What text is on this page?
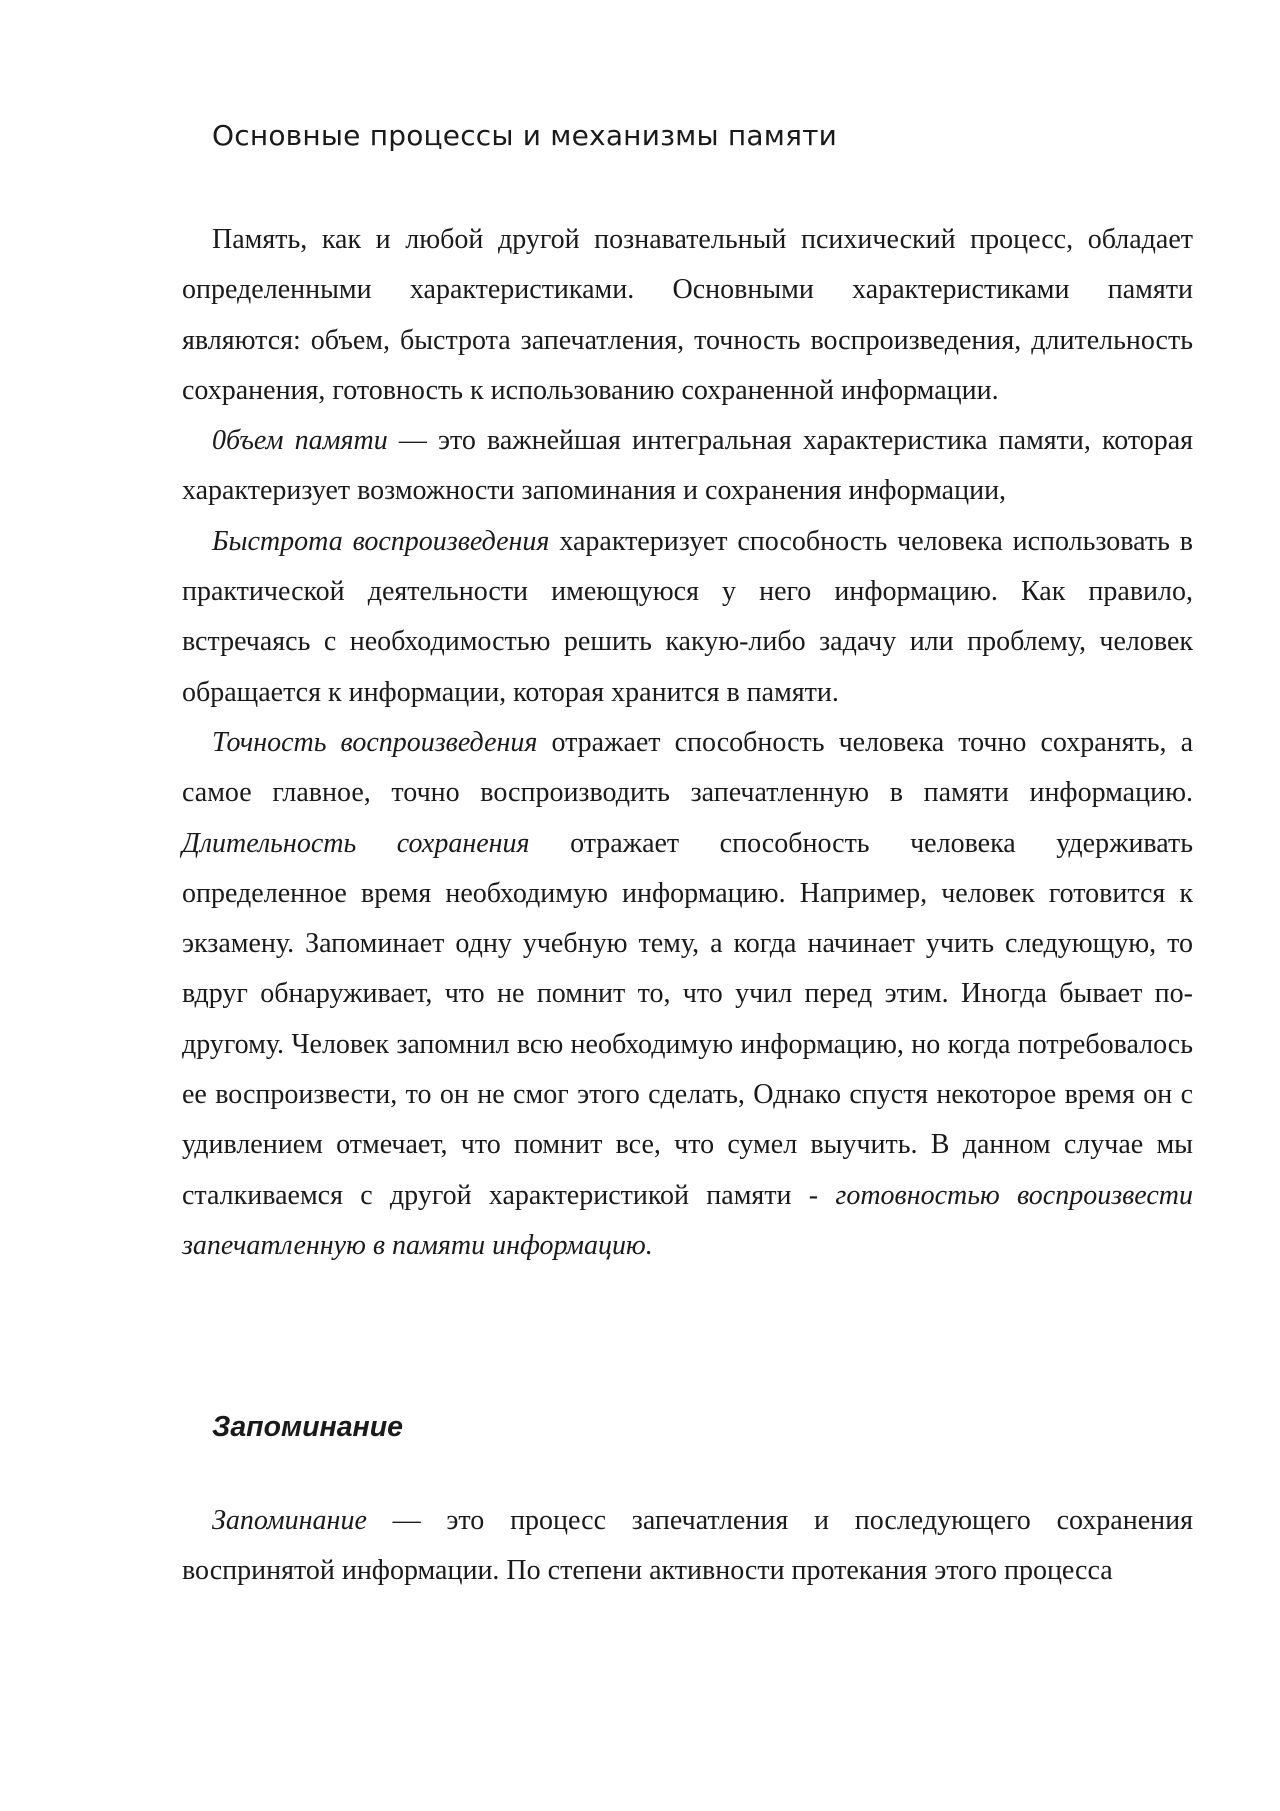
Основные процессы и механизмы памяти

Память, как и любой другой познавательный психический процесс, обладает определенными характеристиками. Основными характеристиками памяти являются: объем, быстрота запечатления, точность воспроизведения, длительность сохранения, готовность к использованию сохраненной информации.

0бъем памяти — это важнейшая интегральная характеристика памяти, которая характеризует возможности запоминания и сохранения информации,

Быстрота воспроизведения характеризует способность человека использовать в практической деятельности имеющуюся у него информацию. Как правило, встречаясь с необходимостью решить какую-либо задачу или проблему, человек обращается к информации, которая хранится в памяти.

Точность воспроизведения отражает способность человека точно сохранять, а самое главное, точно воспроизводить запечатленную в памяти информацию. Длительность сохранения отражает способность человека удерживать определенное время необходимую информацию. Например, человек готовится к экзамену. Запоминает одну учебную тему, а когда начинает учить следующую, то вдруг обнаруживает, что не помнит то, что учил перед этим. Иногда бывает по-другому. Человек запомнил всю необходимую информацию, но когда потребовалось ее воспроизвести, то он не смог этого сделать, Однако спустя некоторое время он с удивлением отмечает, что помнит все, что сумел выучить. В данном случае мы сталкиваемся с другой характеристикой памяти - готовностью воспроизвести запечатленную в памяти информацию.

Запоминание

Запоминание — это процесс запечатления и последующего сохранения воспринятой информации. По степени активности протекания этого процесса
